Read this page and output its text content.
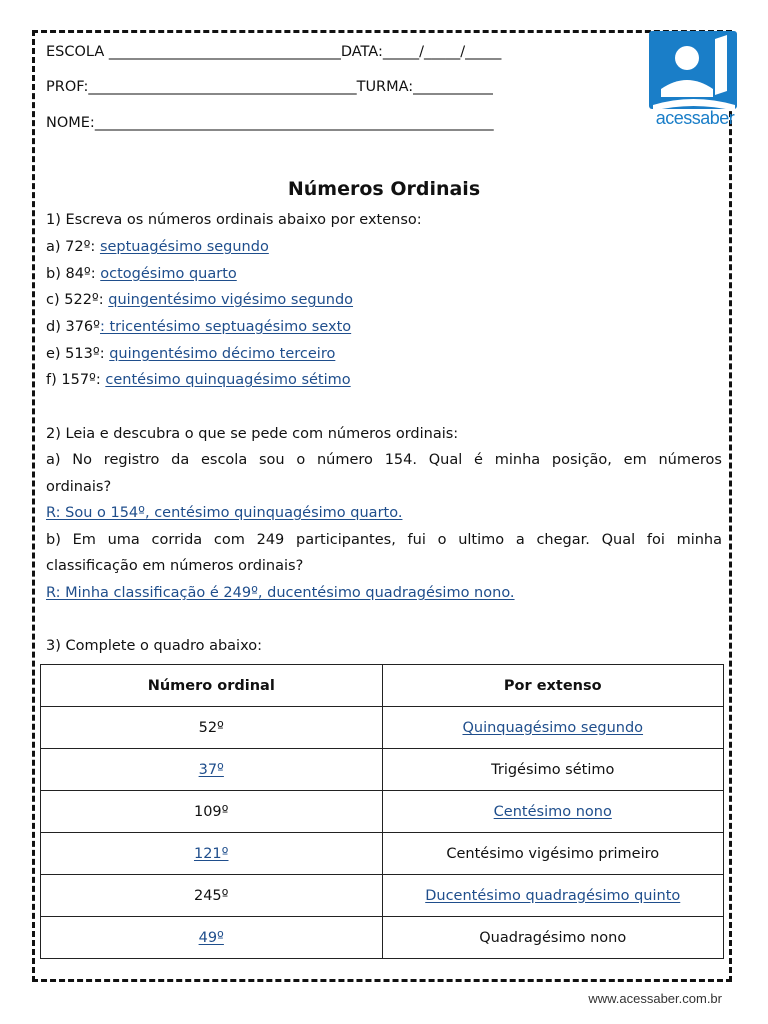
ESCOLA ________________________________DATA:_____/_____/_____
PROF:_____________________________________TURMA:___________
NOME:_______________________________________________________	acessaber
Números Ordinais
1) Escreva os números ordinais abaixo por extenso:
a) 72º: septuagésimo segundo
b) 84º: octogésimo quarto
c) 522º: quingentésimo vigésimo segundo
d) 376º: tricentésimo septuagésimo sexto
e) 513º: quingentésimo décimo terceiro
f) 157º: centésimo quinquagésimo sétimo
2) Leia e descubra o que se pede com números ordinais:
a) No registro da escola sou o número 154. Qual é minha posição, em números
ordinais?
R: Sou o 154º, centésimo quinquagésimo quarto.
b) Em uma corrida com 249 participantes, fui o ultimo a chegar. Qual foi minha
classificação em números ordinais?
R: Minha classificação é 249º, ducentésimo quadragésimo nono.
3) Complete o quadro abaixo:
Número ordinal	Por extenso
52º	Quinquagésimo segundo
37º	Trigésimo sétimo
109º	Centésimo nono
121º	Centésimo vigésimo primeiro
245º	Ducentésimo quadragésimo quinto
49º	Quadragésimo nono
www.acessaber.com.br
